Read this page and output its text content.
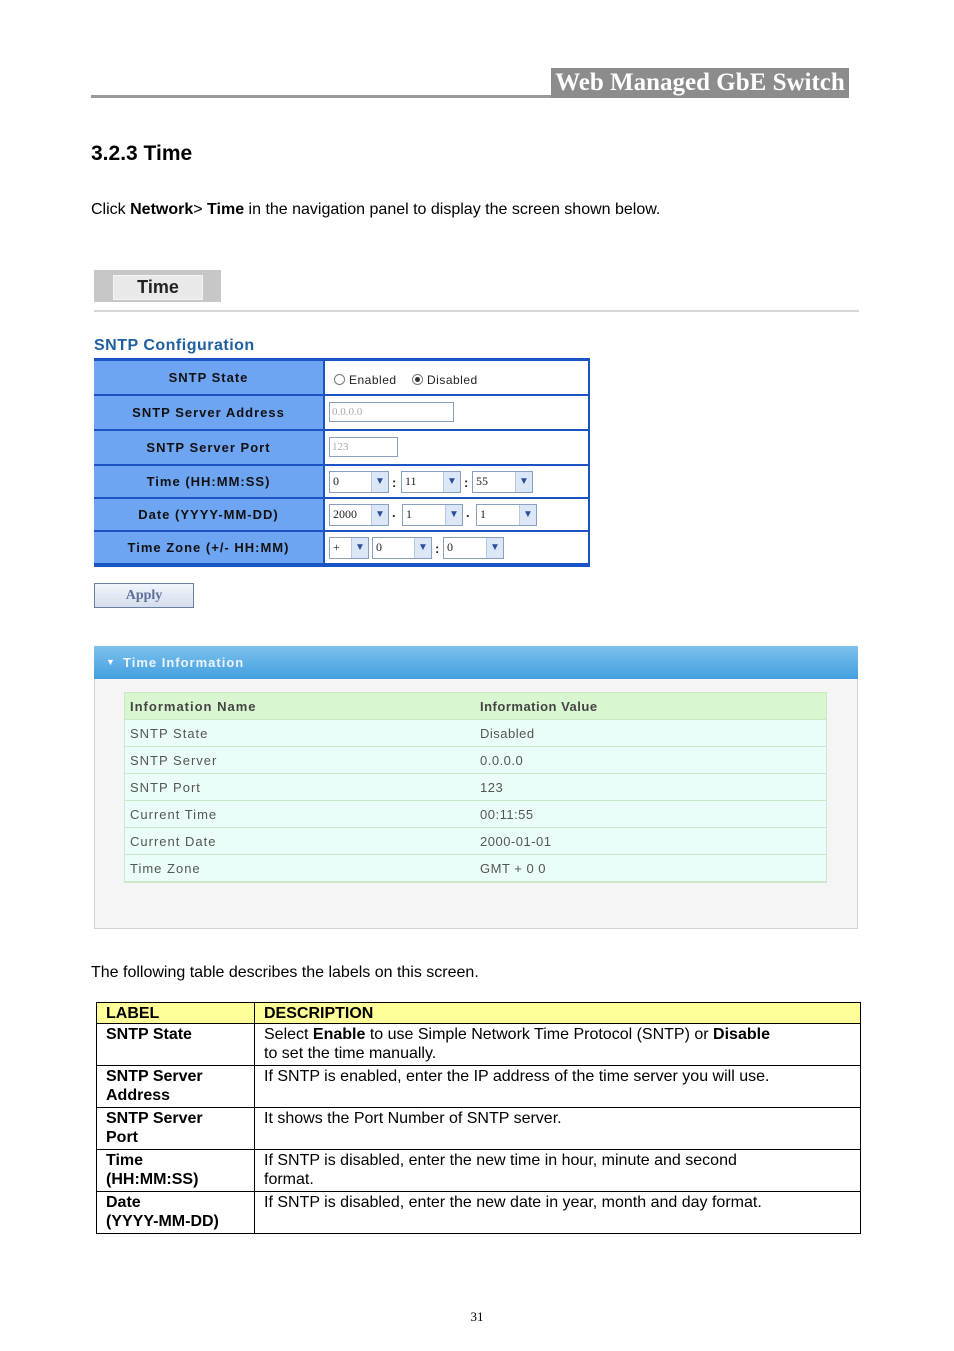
Web Managed GbE Switch
3.2.3 Time
Click Network> Time in the navigation panel to display the screen shown below.
Time
SNTP Configuration
SNTP State	Enabled	Disabled
SNTP Server Address	0.0.0.0
SNTP Server Port	123
Time (HH:MM:SS)	0	▼ : 11	▼ : 55	▼
Date (YYYY-MM-DD)	2000	▼ . 1	▼ . 1	▼
Time Zone (+/- HH:MM)	+	▼ 0	▼ : 0	▼
Apply
▼ Time Information
Information Name	Information Value
SNTP State	Disabled
SNTP Server	0.0.0.0
SNTP Port	123
Current Time	00:11:55
Current Date	2000-01-01
Time Zone	GMT + 0 0
The following table describes the labels on this screen.
LABEL	DESCRIPTION
SNTP State	Select Enable to use Simple Network Time Protocol (SNTP) or Disable
to set the time manually.
SNTP Server
Address	If SNTP is enabled, enter the IP address of the time server you will use.
SNTP Server
Port	It shows the Port Number of SNTP server.
Time
(HH:MM:SS)	If SNTP is disabled, enter the new time in hour, minute and second
format.
Date
(YYYY-MM-DD)	If SNTP is disabled, enter the new date in year, month and day format.
31
